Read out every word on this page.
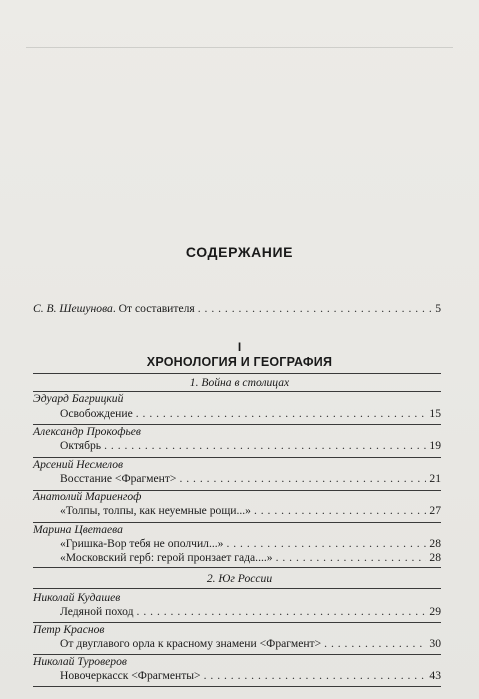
СОДЕРЖАНИЕ
С. В. Шешунова. От составителя . . .	5
I
ХРОНОЛОГИЯ И ГЕОГРАФИЯ
1. Война в столицах
Эдуард Багрицкий
Освобождение . . .	15
Александр Прокофьев
Октябрь . . .	19
Арсений Несмелов
Восстание <Фрагмент> . . .	21
Анатолий Мариенгоф
«Толпы, толпы, как неуемные рощи...» . . .	27
Марина Цветаева
«Гришка-Вор тебя не ополчил...» . . .	28
«Московский герб: герой пронзает гада....» . . .	28
2. Юг России
Николай Кудашев
Ледяной поход . . .	29
Петр Краснов
От двуглавого орла к красному знамени <Фрагмент> . . .	30
Николай Туроверов
Новочеркасск <Фрагменты> . . .	43
